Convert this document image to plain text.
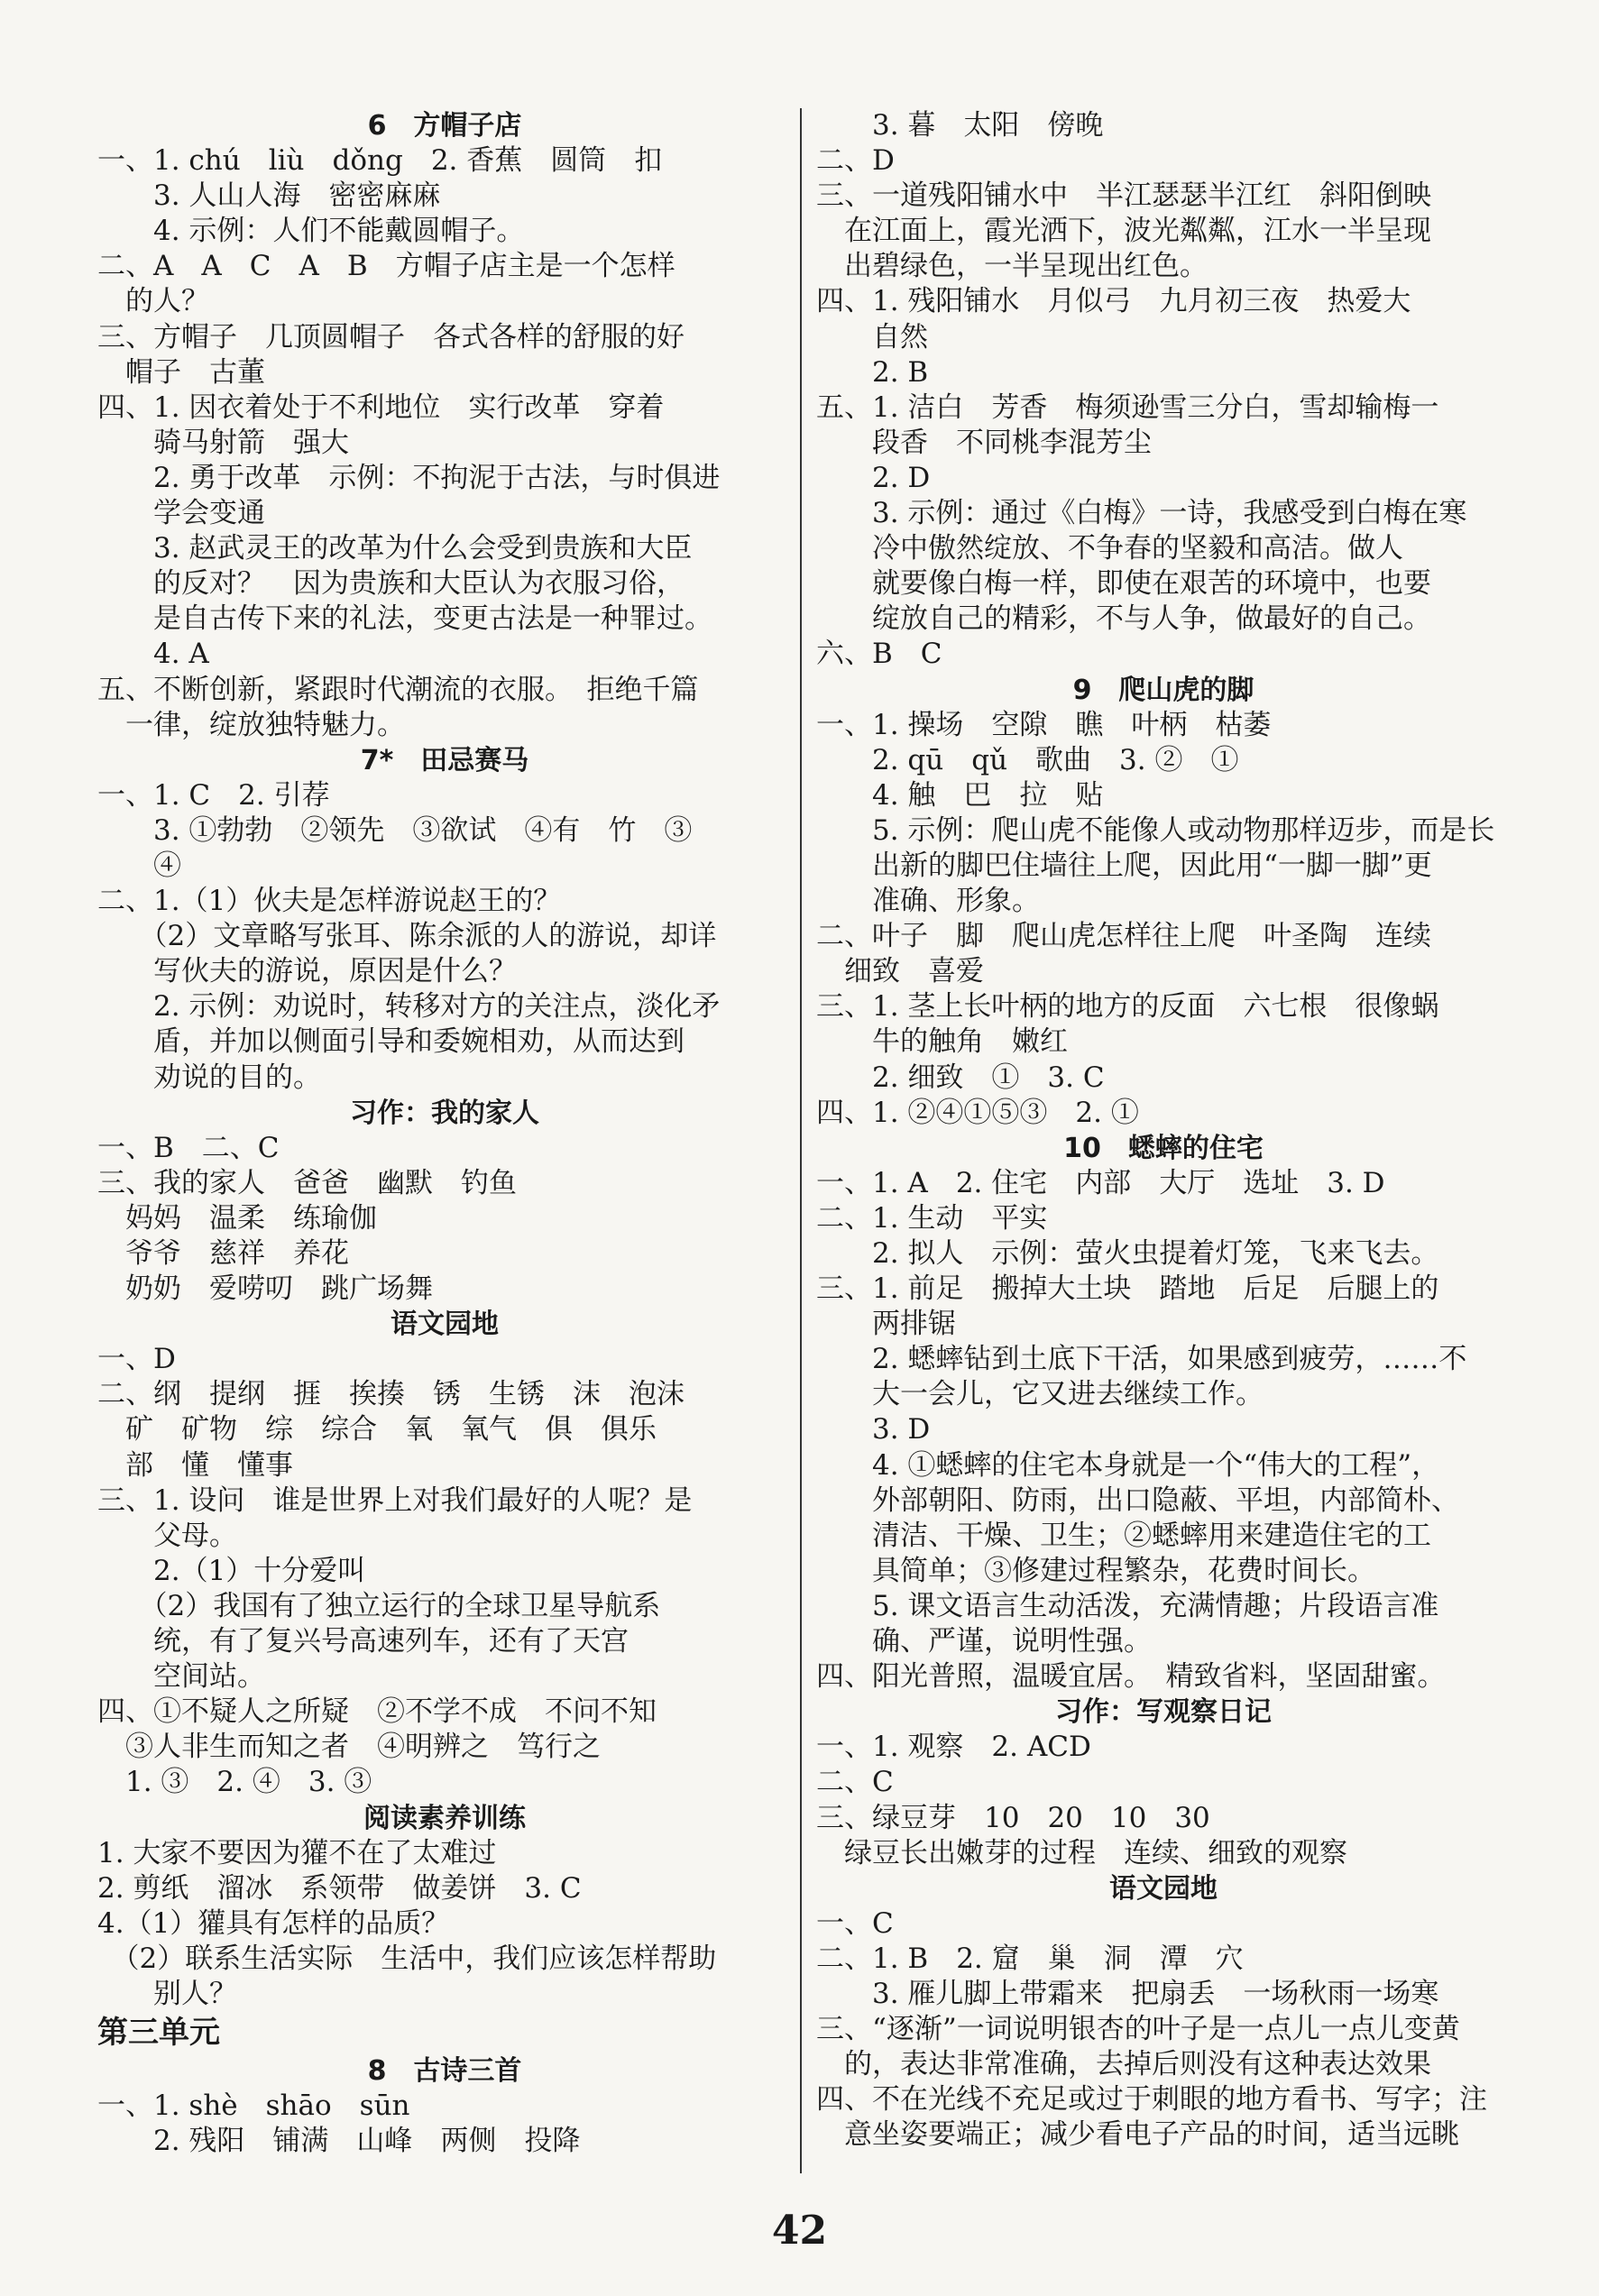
6　方帽子店
一、1. chú　liù　dǒng　2. 香蕉　圆筒　扣
　　3. 人山人海　密密麻麻
　　4. 示例：人们不能戴圆帽子。
二、A　A　C　A　B　方帽子店主是一个怎样
　的人？
三、方帽子　几顶圆帽子　各式各样的舒服的好
　帽子　古董
四、1. 因衣着处于不利地位　实行改革　穿着
　　骑马射箭　强大
　　2. 勇于改革　示例：不拘泥于古法，与时俱进
　　学会变通
　　3. 赵武灵王的改革为什么会受到贵族和大臣
　　的反对？　因为贵族和大臣认为衣服习俗，
　　是自古传下来的礼法，变更古法是一种罪过。
　　4. A
五、不断创新，紧跟时代潮流的衣服。　拒绝千篇
　一律，绽放独特魅力。
7*　田忌赛马
一、1. C　2. 引荐
　　3. ①勃勃　②领先　③欲试　④有　竹　③
　　④
二、1.（1）伙夫是怎样游说赵王的？
　　（2）文章略写张耳、陈余派的人的游说，却详
　　写伙夫的游说，原因是什么？
　　2. 示例：劝说时，转移对方的关注点，淡化矛
　　盾，并加以侧面引导和委婉相劝，从而达到
　　劝说的目的。
习作：我的家人
一、B　二、C
三、我的家人　爸爸　幽默　钓鱼
　妈妈　温柔　练瑜伽
　爷爷　慈祥　养花
　奶奶　爱唠叨　跳广场舞
语文园地
一、D
二、纲　提纲　捱　挨揍　锈　生锈　沫　泡沫
　矿　矿物　综　综合　氧　氧气　俱　俱乐
　部　懂　懂事
三、1. 设问　谁是世界上对我们最好的人呢？是
　　父母。
　　2.（1）十分爱叫
　　（2）我国有了独立运行的全球卫星导航系
　　统，有了复兴号高速列车，还有了天宫
　　空间站。
四、①不疑人之所疑　②不学不成　不问不知
　③人非生而知之者　④明辨之　笃行之
　1. ③　2. ④　3. ③
阅读素养训练
1. 大家不要因为獾不在了太难过
2. 剪纸　溜冰　系领带　做姜饼　3. C
4.（1）獾具有怎样的品质？
　（2）联系生活实际　生活中，我们应该怎样帮助
　　别人？
第三单元
8　古诗三首
一、1. shè　shāo　sūn
　　2. 残阳　铺满　山峰　两侧　投降
　　3. 暮　太阳　傍晚
二、D
三、一道残阳铺水中　半江瑟瑟半江红　斜阳倒映
　在江面上，霞光洒下，波光粼粼，江水一半呈现
　出碧绿色，一半呈现出红色。
四、1. 残阳铺水　月似弓　九月初三夜　热爱大
　　自然
　　2. B
五、1. 洁白　芳香　梅须逊雪三分白，雪却输梅一
　　段香　不同桃李混芳尘
　　2. D
　　3. 示例：通过《白梅》一诗，我感受到白梅在寒
　　冷中傲然绽放、不争春的坚毅和高洁。做人
　　就要像白梅一样，即使在艰苦的环境中，也要
　　绽放自己的精彩，不与人争，做最好的自己。
六、B　C
9　爬山虎的脚
一、1. 操场　空隙　瞧　叶柄　枯萎
　　2. qū　qǔ　歌曲　3. ②　①
　　4. 触　巴　拉　贴
　　5. 示例：爬山虎不能像人或动物那样迈步，而是长
　　出新的脚巴住墙往上爬，因此用“一脚一脚”更
　　准确、形象。
二、叶子　脚　爬山虎怎样往上爬　叶圣陶　连续
　细致　喜爱
三、1. 茎上长叶柄的地方的反面　六七根　很像蜗
　　牛的触角　嫩红
　　2. 细致　①　3. C
四、1. ②④①⑤③　2. ①
10　蟋蟀的住宅
一、1. A　2. 住宅　内部　大厅　选址　3. D
二、1. 生动　平实
　　2. 拟人　示例：萤火虫提着灯笼，飞来飞去。
三、1. 前足　搬掉大土块　踏地　后足　后腿上的
　　两排锯
　　2. 蟋蟀钻到土底下干活，如果感到疲劳，……不
　　大一会儿，它又进去继续工作。
　　3. D
　　4. ①蟋蟀的住宅本身就是一个“伟大的工程”，
　　外部朝阳、防雨，出口隐蔽、平坦，内部简朴、
　　清洁、干燥、卫生；②蟋蟀用来建造住宅的工
　　具简单；③修建过程繁杂，花费时间长。
　　5. 课文语言生动活泼，充满情趣；片段语言准
　　确、严谨，说明性强。
四、阳光普照，温暖宜居。　精致省料，坚固甜蜜。
习作：写观察日记
一、1. 观察　2. ACD
二、C
三、绿豆芽　10　20　10　30
　绿豆长出嫩芽的过程　连续、细致的观察
语文园地
一、C
二、1. B　2. 窟　巢　洞　潭　穴
　　3. 雁儿脚上带霜来　把扇丢　一场秋雨一场寒
三、“逐渐”一词说明银杏的叶子是一点儿一点儿变黄
　的，表达非常准确，去掉后则没有这种表达效果
四、不在光线不充足或过于刺眼的地方看书、写字；注
　意坐姿要端正；减少看电子产品的时间，适当远眺
42
